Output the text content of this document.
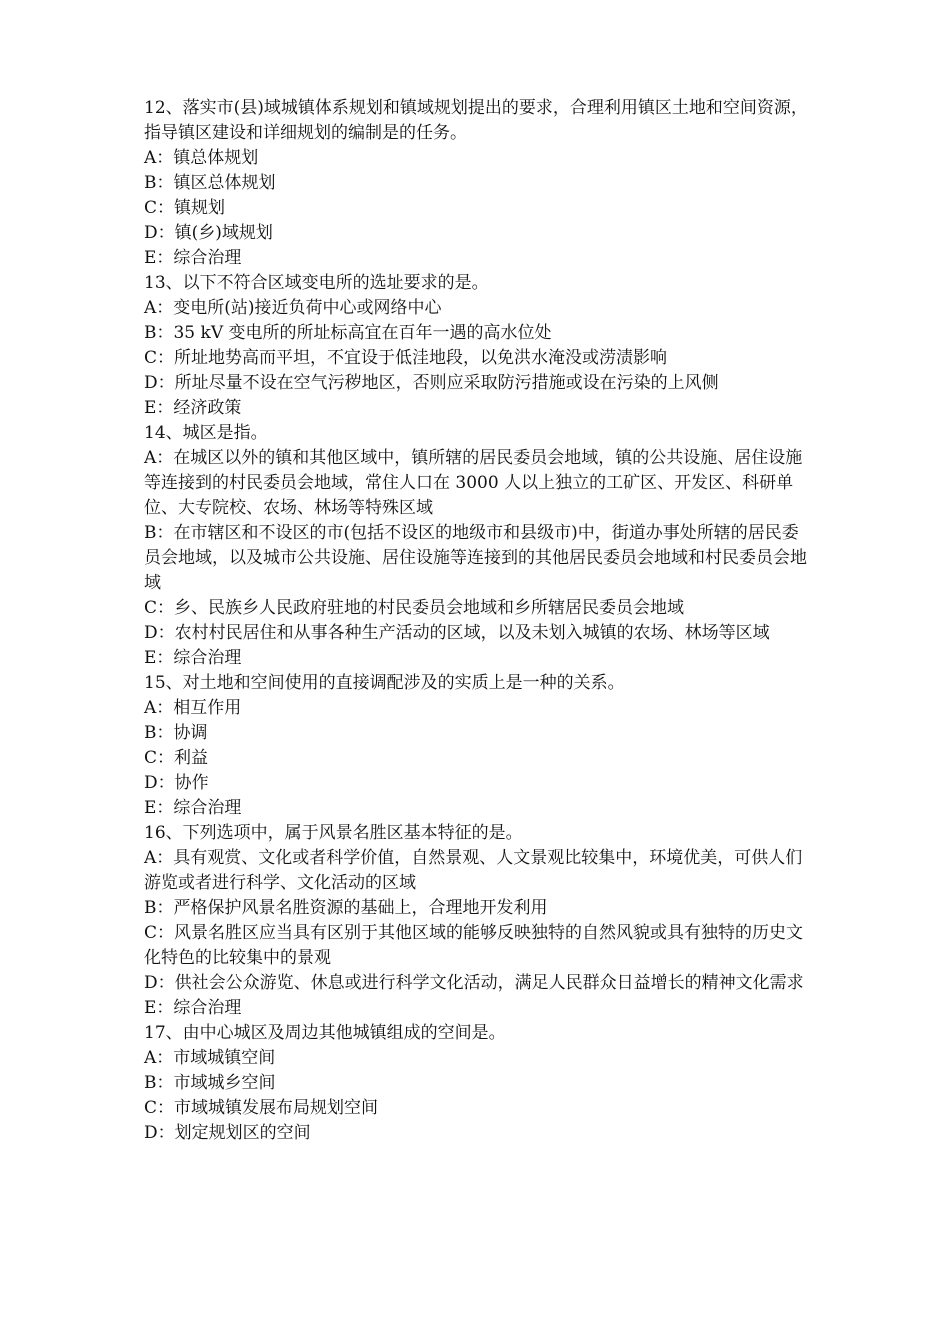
12、落实市(县)域城镇体系规划和镇域规划提出的要求，合理利用镇区土地和空间资源，指导镇区建设和详细规划的编制是的任务。
A：镇总体规划
B：镇区总体规划
C：镇规划
D：镇(乡)域规划
E：综合治理
13、以下不符合区域变电所的选址要求的是。
A：变电所(站)接近负荷中心或网络中心
B：35 kV 变电所的所址标高宜在百年一遇的高水位处
C：所址地势高而平坦，不宜设于低洼地段，以免洪水淹没或涝渍影响
D：所址尽量不设在空气污秽地区，否则应采取防污措施或设在污染的上风侧
E：经济政策
14、城区是指。
A：在城区以外的镇和其他区域中，镇所辖的居民委员会地域，镇的公共设施、居住设施等连接到的村民委员会地域，常住人口在 3000 人以上独立的工矿区、开发区、科研单位、大专院校、农场、林场等特殊区域
B：在市辖区和不设区的市(包括不设区的地级市和县级市)中，街道办事处所辖的居民委员会地域，以及城市公共设施、居住设施等连接到的其他居民委员会地域和村民委员会地域
C：乡、民族乡人民政府驻地的村民委员会地域和乡所辖居民委员会地域
D：农村村民居住和从事各种生产活动的区域，以及未划入城镇的农场、林场等区域
E：综合治理
15、对土地和空间使用的直接调配涉及的实质上是一种的关系。
A：相互作用
B：协调
C：利益
D：协作
E：综合治理
16、下列选项中，属于风景名胜区基本特征的是。
A：具有观赏、文化或者科学价值，自然景观、人文景观比较集中，环境优美，可供人们游览或者进行科学、文化活动的区域
B：严格保护风景名胜资源的基础上，合理地开发利用
C：风景名胜区应当具有区别于其他区域的能够反映独特的自然风貌或具有独特的历史文化特色的比较集中的景观
D：供社会公众游览、休息或进行科学文化活动，满足人民群众日益增长的精神文化需求
E：综合治理
17、由中心城区及周边其他城镇组成的空间是。
A：市域城镇空间
B：市域城乡空间
C：市域城镇发展布局规划空间
D：划定规划区的空间
